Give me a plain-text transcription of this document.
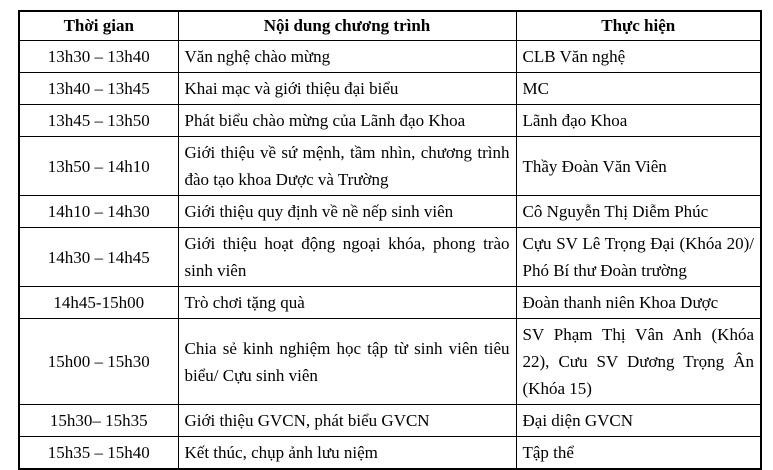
Thời gian	Nội dung chương trình	Thực hiện
13h30 – 13h40	Văn nghệ chào mừng	CLB Văn nghệ
13h40 – 13h45	Khai mạc và giới thiệu đại biểu	MC
13h45 – 13h50	Phát biểu chào mừng của Lãnh đạo Khoa	Lãnh đạo Khoa
13h50 – 14h10	Giới thiệu về sứ mệnh, tầm nhìn, chương trình đào tạo khoa Dược và Trường	Thầy Đoàn Văn Viên
14h10 – 14h30	Giới thiệu quy định về nề nếp sinh viên	Cô Nguyễn Thị Diễm Phúc
14h30 – 14h45	Giới thiệu hoạt động ngoại khóa, phong trào sinh viên	Cựu SV Lê Trọng Đại (Khóa 20)/ Phó Bí thư Đoàn trường
14h45-15h00	Trò chơi tặng quà	Đoàn thanh niên Khoa Dược
15h00 – 15h30	Chia sẻ kinh nghiệm học tập từ sinh viên tiêu biểu/ Cựu sinh viên	SV Phạm Thị Vân Anh (Khóa 22), Cưu SV Dương Trọng Ân (Khóa 15)
15h30– 15h35	Giới thiệu GVCN, phát biểu GVCN	Đại diện GVCN
15h35 – 15h40	Kết thúc, chụp ảnh lưu niệm	Tập thể
